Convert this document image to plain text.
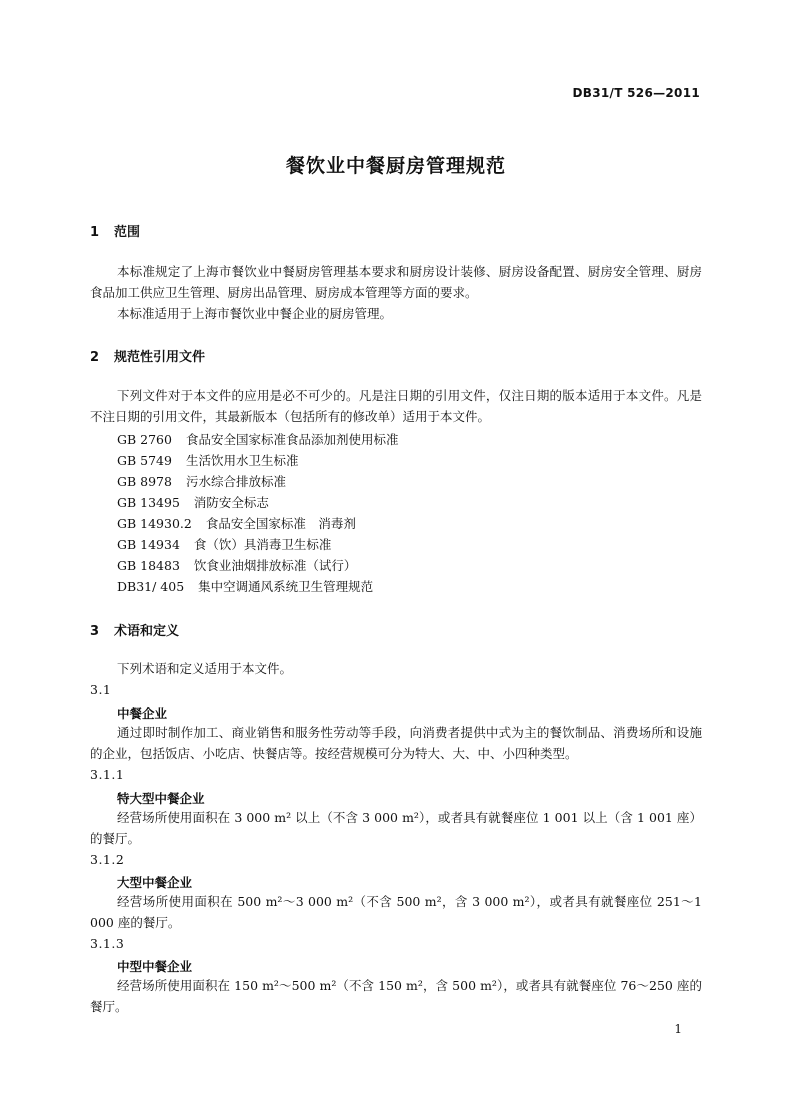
DB31/T 526—2011
餐饮业中餐厨房管理规范
1 范围
本标准规定了上海市餐饮业中餐厨房管理基本要求和厨房设计装修、厨房设备配置、厨房安全管理、厨房食品加工供应卫生管理、厨房出品管理、厨房成本管理等方面的要求。
本标准适用于上海市餐饮业中餐企业的厨房管理。
2 规范性引用文件
下列文件对于本文件的应用是必不可少的。凡是注日期的引用文件，仅注日期的版本适用于本文件。凡是不注日期的引用文件，其最新版本（包括所有的修改单）适用于本文件。
GB 2760 食品安全国家标准食品添加剂使用标准
GB 5749 生活饮用水卫生标准
GB 8978 污水综合排放标准
GB 13495 消防安全标志
GB 14930.2 食品安全国家标准　消毒剂
GB 14934 食（饮）具消毒卫生标准
GB 18483 饮食业油烟排放标准（试行）
DB31/ 405 集中空调通风系统卫生管理规范
3 术语和定义
下列术语和定义适用于本文件。
3.1
中餐企业
通过即时制作加工、商业销售和服务性劳动等手段，向消费者提供中式为主的餐饮制品、消费场所和设施的企业，包括饭店、小吃店、快餐店等。按经营规模可分为特大、大、中、小四种类型。
3.1.1
特大型中餐企业
经营场所使用面积在 3 000 m² 以上（不含 3 000 m²），或者具有就餐座位 1 001 以上（含 1 001 座）的餐厅。
3.1.2
大型中餐企业
经营场所使用面积在 500 m²～3 000 m²（不含 500 m²，含 3 000 m²），或者具有就餐座位 251～1 000 座的餐厅。
3.1.3
中型中餐企业
经营场所使用面积在 150 m²～500 m²（不含 150 m²，含 500 m²），或者具有就餐座位 76～250 座的餐厅。
1
